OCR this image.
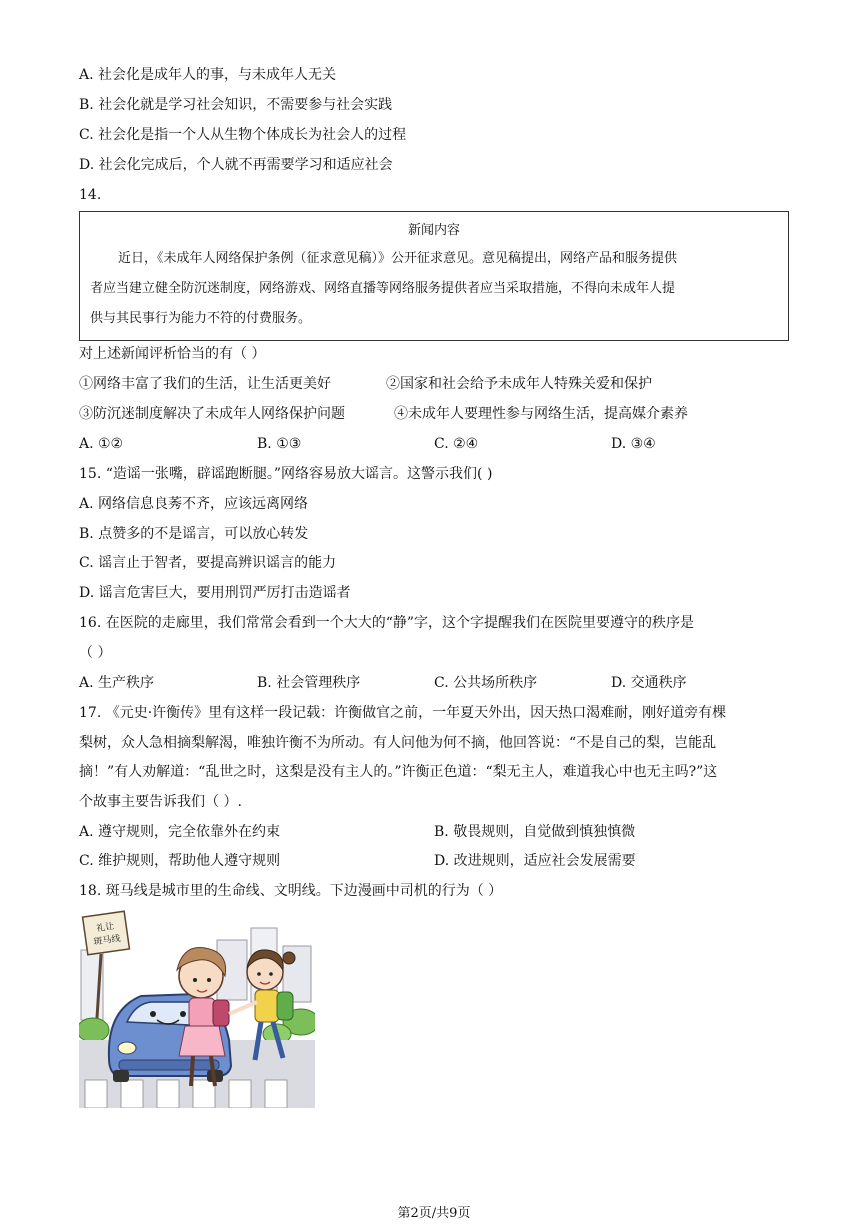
A. 社会化是成年人的事，与未成年人无关
B. 社会化就是学习社会知识，不需要参与社会实践
C. 社会化是指一个人从生物个体成长为社会人的过程
D. 社会化完成后，个人就不再需要学习和适应社会
14.
新闻内容
近日，《未成年人网络保护条例（征求意见稿）》公开征求意见。意见稿提出，网络产品和服务提供
者应当建立健全防沉迷制度，网络游戏、网络直播等网络服务提供者应当采取措施，不得向未成年人提
供与其民事行为能力不符的付费服务。
对上述新闻评析恰当的有（ ）
①网络丰富了我们的生活，让生活更美好	②国家和社会给予未成年人特殊关爱和保护
③防沉迷制度解决了未成年人网络保护问题	④未成年人要理性参与网络生活，提高媒介素养
A. ①②	B. ①③	C. ②④	D. ③④
15. “造谣一张嘴，辟谣跑断腿。”网络容易放大谣言。这警示我们( )
A. 网络信息良莠不齐，应该远离网络
B. 点赞多的不是谣言，可以放心转发
C. 谣言止于智者，要提高辨识谣言的能力
D. 谣言危害巨大，要用刑罚严厉打击造谣者
16. 在医院的走廊里，我们常常会看到一个大大的“静”字，这个字提醒我们在医院里要遵守的秩序是
（ ）
A. 生产秩序	B. 社会管理秩序	C. 公共场所秩序	D. 交通秩序
17. 《元史·许衡传》里有这样一段记载：许衡做官之前，一年夏天外出，因天热口渴难耐，刚好道旁有棵
梨树，众人急相摘梨解渴，唯独许衡不为所动。有人问他为何不摘，他回答说：“不是自己的梨，岂能乱
摘！”有人劝解道：“乱世之时，这梨是没有主人的。”许衡正色道：“梨无主人，难道我心中也无主吗?”这
个故事主要告诉我们（ ）.
A. 遵守规则，完全依靠外在约束	B. 敬畏规则，自觉做到慎独慎微
C. 维护规则，帮助他人遵守规则	D. 改进规则，适应社会发展需要
18. 斑马线是城市里的生命线、文明线。下边漫画中司机的行为（ ）
礼让
斑马线
第2页/共9页
